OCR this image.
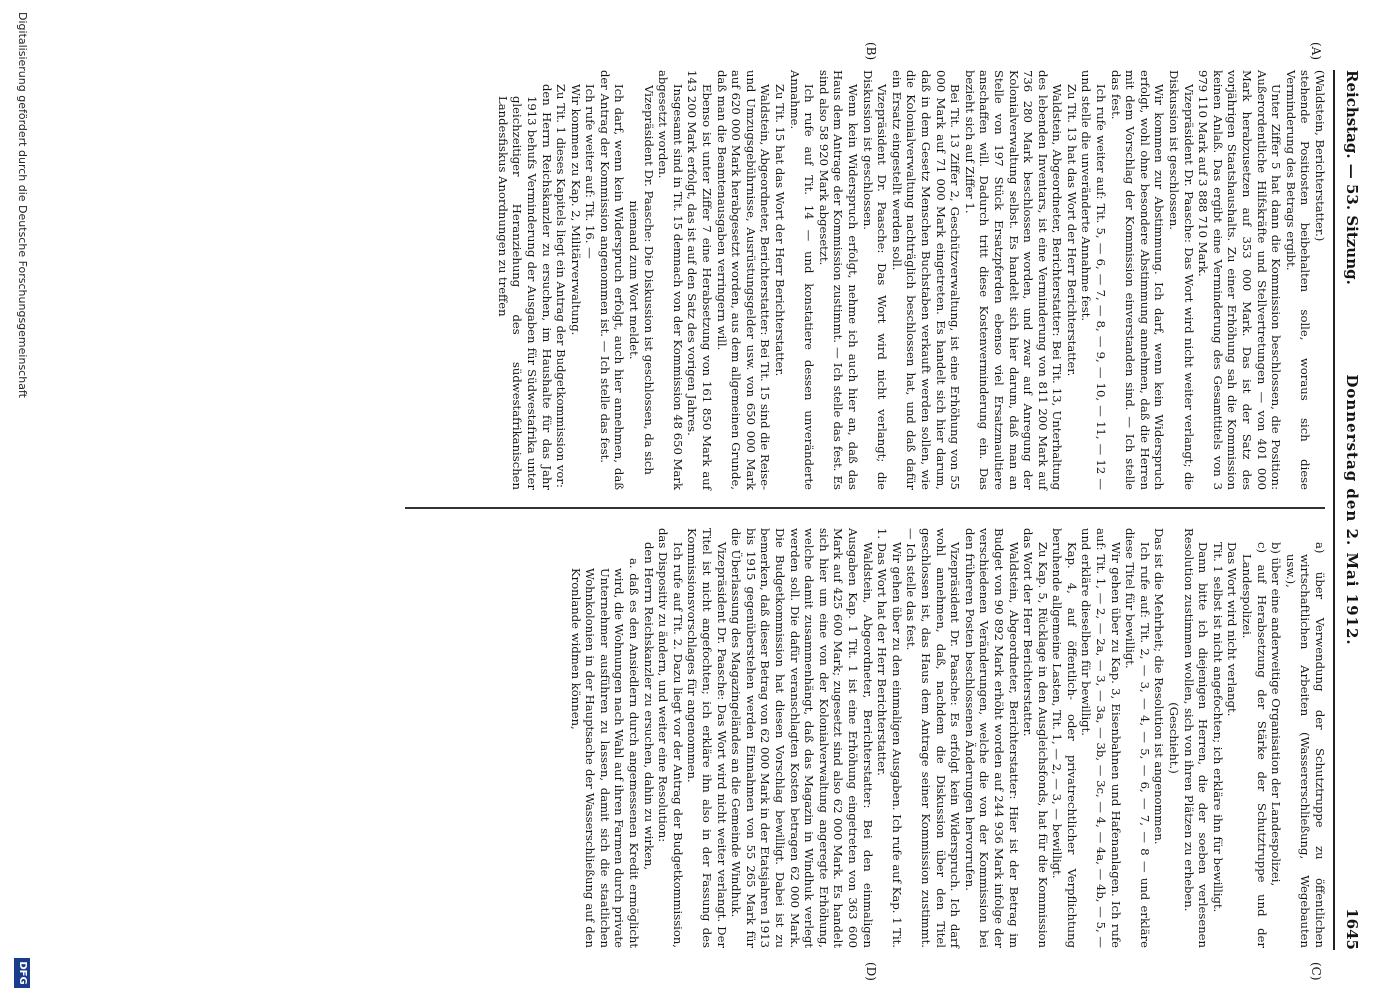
Reichstag. — 53. Sitzung.
Donnerstag den 2. Mai 1912.
1645
(A)
(B)
(C)
(D)

(Waldstein, Berichterstatter.)

stehende Positiosten beibehalten solle, woraus sich diese Verminderung des Betrags ergibt.

Unter Ziffer 5 hat dann die Kommission beschlossen, die Position: Außerordentliche Hilfskräfte und Stellvertretungen — von 401 000 Mark herabzusetzen auf 353 000 Mark. Das ist der Satz des vorjährigen Staatshaushalts. Zu einer Erhöhung sah die Kommission keinen Anlaß. Das ergibt eine Verminderung des Gesamttitels von 3 979 110 Mark auf 3 888 710 Mark.

Vizepräsident Dr. Paasche: Das Wort wird nicht weiter verlangt; die Diskussion ist geschlossen.

Wir kommen zur Abstimmung. Ich darf, wenn kein Widerspruch erfolgt, wohl ohne besondere Abstimmung annehmen, daß die Herren mit dem Vorschlag der Kommission einverstanden sind. — Ich stelle das fest.

Ich rufe weiter auf: Tit. 5, — 6, — 7, — 8, — 9, — 10, — 11, — 12 — und stelle die unveränderte Annahme fest.

Zu Tit. 13 hat das Wort der Herr Berichterstatter.

Waldstein, Abgeordneter, Berichterstatter: Bei Tit. 13, Unterhaltung des lebenden Inventars, ist eine Verminderung von 811 200 Mark auf 736 280 Mark beschlossen worden, und zwar auf Anregung der Kolonialverwaltung selbst. Es handelt sich hier darum, daß man an Stelle von 197 Stück Ersatzpferden ebenso viel Ersatzmaultiere anschaffen will. Dadurch tritt diese Kostenverminderung ein. Das bezieht sich auf Ziffer 1.

Bei Tit. 13 Ziffer 2, Geschützverwaltung, ist eine Erhöhung von 55 000 Mark auf 71 000 Mark eingetreten. Es handelt sich hier darum, daß in dem Gesetz Menschen Buchstaben verkauft werden sollen, wie die Kolonialverwaltung nachträglich beschlossen hat, und daß dafür ein Ersatz eingestellt werden soll.

Vizepräsident Dr. Paasche: Das Wort wird nicht verlangt; die Diskussion ist geschlossen.

Wenn kein Widerspruch erfolgt, nehme ich auch hier an, daß das Haus dem Antrage der Kommission zustimmt. — Ich stelle das fest. Es sind also 58 920 Mark abgesetzt.

Ich rufe auf Tit. 14 — und konstatiere dessen unveränderte Annahme.

Zu Tit. 15 hat das Wort der Herr Berichterstatter.

Waldstein, Abgeordneter, Berichterstatter: Bei Tit. 15 sind die Reise- und Umzugsgebührnisse, Ausrüstungsgelder usw. von 650 000 Mark auf 620 000 Mark herabgesetzt worden, aus dem allgemeinen Grunde, daß man die Beamtenausgaben verringern will.

Ebenso ist unter Ziffer 7 eine Herabsetzung von 161 850 Mark auf 143 200 Mark erfolgt, das ist auf den Satz des vorigen Jahres.

Insgesamt sind in Tit. 15 demnach von der Kommission 48 650 Mark abgesetzt worden.

Vizepräsident Dr. Paasche: Die Diskussion ist geschlossen, da sich niemand zum Wort meldet.

Ich darf, wenn kein Widerspruch erfolgt, auch hier annehmen, daß der Antrag der Kommission angenommen ist. — Ich stelle das fest.

Ich rufe weiter auf: Tit. 16. —

Wir kommen zu Kap. 2, Militärverwaltung.

Zu Tit. 1 dieses Kapitels liegt ein Antrag der Budgetkommission vor:

den Herrn Reichskanzler zu ersuchen, im Haushalte für das Jahr 1913 behufs Verminderung der Ausgaben für Südwestafrika unter gleichzeitiger Heranziehung des südwestafrikanischen Landesfiskus Anordnungen zu treffen

a) über Verwendung der Schutztruppe zu öffentlichen wirtschaftlichen Arbeiten (Wassererschließung, Wegebauten usw.),

b) über eine anderweitige Organisation der Landespolizei,

c) auf Herabsetzung der Stärke der Schutztruppe und der Landespolizei.

Das Wort wird nicht verlangt.

Tit. 1 selbst ist nicht angefochten; ich erkläre ihn für bewilligt.

Dann bitte ich diejenigen Herren, die der soeben verlesenen Resolution zustimmen wollen, sich von ihren Plätzen zu erheben.

(Geschieht.)

Das ist die Mehrheit; die Resolution ist angenommen.

Ich rufe auf: Tit. 2, — 3, — 4, — 5, — 6, — 7, — 8 — und erkläre diese Titel für bewilligt.

Wir gehen über zu Kap. 3, Eisenbahnen und Hafenanlagen. Ich rufe auf: Tit. 1, — 2, — 2a, — 3, — 3a, — 3b, — 3c, — 4, — 4a, — 4b, — 5, — und erkläre dieselben für bewilligt.

Kap. 4, auf öffentlich- oder privatrechtlicher Verpflichtung beruhende allgemeine Lasten, Tit. 1, — 2, — 3, — bewilligt.

Zu Kap. 5, Rücklage in den Ausgleichsfonds, hat für die Kommission das Wort der Herr Berichterstatter.

Waldstein, Abgeordneter, Berichterstatter: Hier ist der Betrag im Budget von 90 892 Mark erhöht worden auf 244 936 Mark infolge der verschiedenen Veränderungen, welche die von der Kommission bei den früheren Posten beschlossenen Änderungen hervorrufen.

Vizepräsident Dr. Paasche: Es erfolgt kein Widerspruch. Ich darf wohl annehmen, daß, nachdem die Diskussion über den Titel geschlossen ist, das Haus dem Antrage seiner Kommission zustimmt. — Ich stelle das fest.

Wir gehen über zu den einmaligen Ausgaben. Ich rufe auf Kap. 1 Tit. 1. Das Wort hat der Herr Berichterstatter.

Waldstein, Abgeordneter, Berichterstatter: Bei den einmaligen Ausgaben Kap. 1 Tit. 1 ist eine Erhöhung eingetreten von 363 600 Mark auf 425 600 Mark; zugesetzt sind also 62 000 Mark. Es handelt sich hier um eine von der Kolonialverwaltung angeregte Erhöhung, welche damit zusammenhängt, daß das Magazin in Windhuk verlegt werden soll. Die dafür veranschlagten Kosten betragen 62 000 Mark. Die Budgetkommission hat diesen Vorschlag bewilligt. Dabei ist zu bemerken, daß dieser Betrag von 62 000 Mark in der Etatsjahren 1913 bis 1915 gegenüberstehen werden Einnahmen von 55 265 Mark für die Überlassung des Magazingeländes an die Gemeinde Windhuk.

Vizepräsident Dr. Paasche: Das Wort wird nicht weiter verlangt. Der Titel ist nicht angefochten; ich erkläre ihn also in der Fassung des Kommissionsvorschlages für angenommen.

Ich rufe auf Tit. 2. Dazu liegt vor der Antrag der Budgetkommission, das Dispositiv zu ändern, und weiter eine Resolution:

den Herrn Reichskanzler zu ersuchen, dahin zu wirken,

a. daß es den Ansiedlern durch angemessenen Kredit ermöglicht wird, die Wohnungen nach Wahl auf ihren Farmen durch private Unternehmer ausführen zu lassen, damit sich die staatlichen Wohnkolonien in der Hauptsache der Wasserschließung auf den Kronlande widmen können,

Digitalisierung gefördert durch die Deutsche Forschungsgemeinschaft
DFG
